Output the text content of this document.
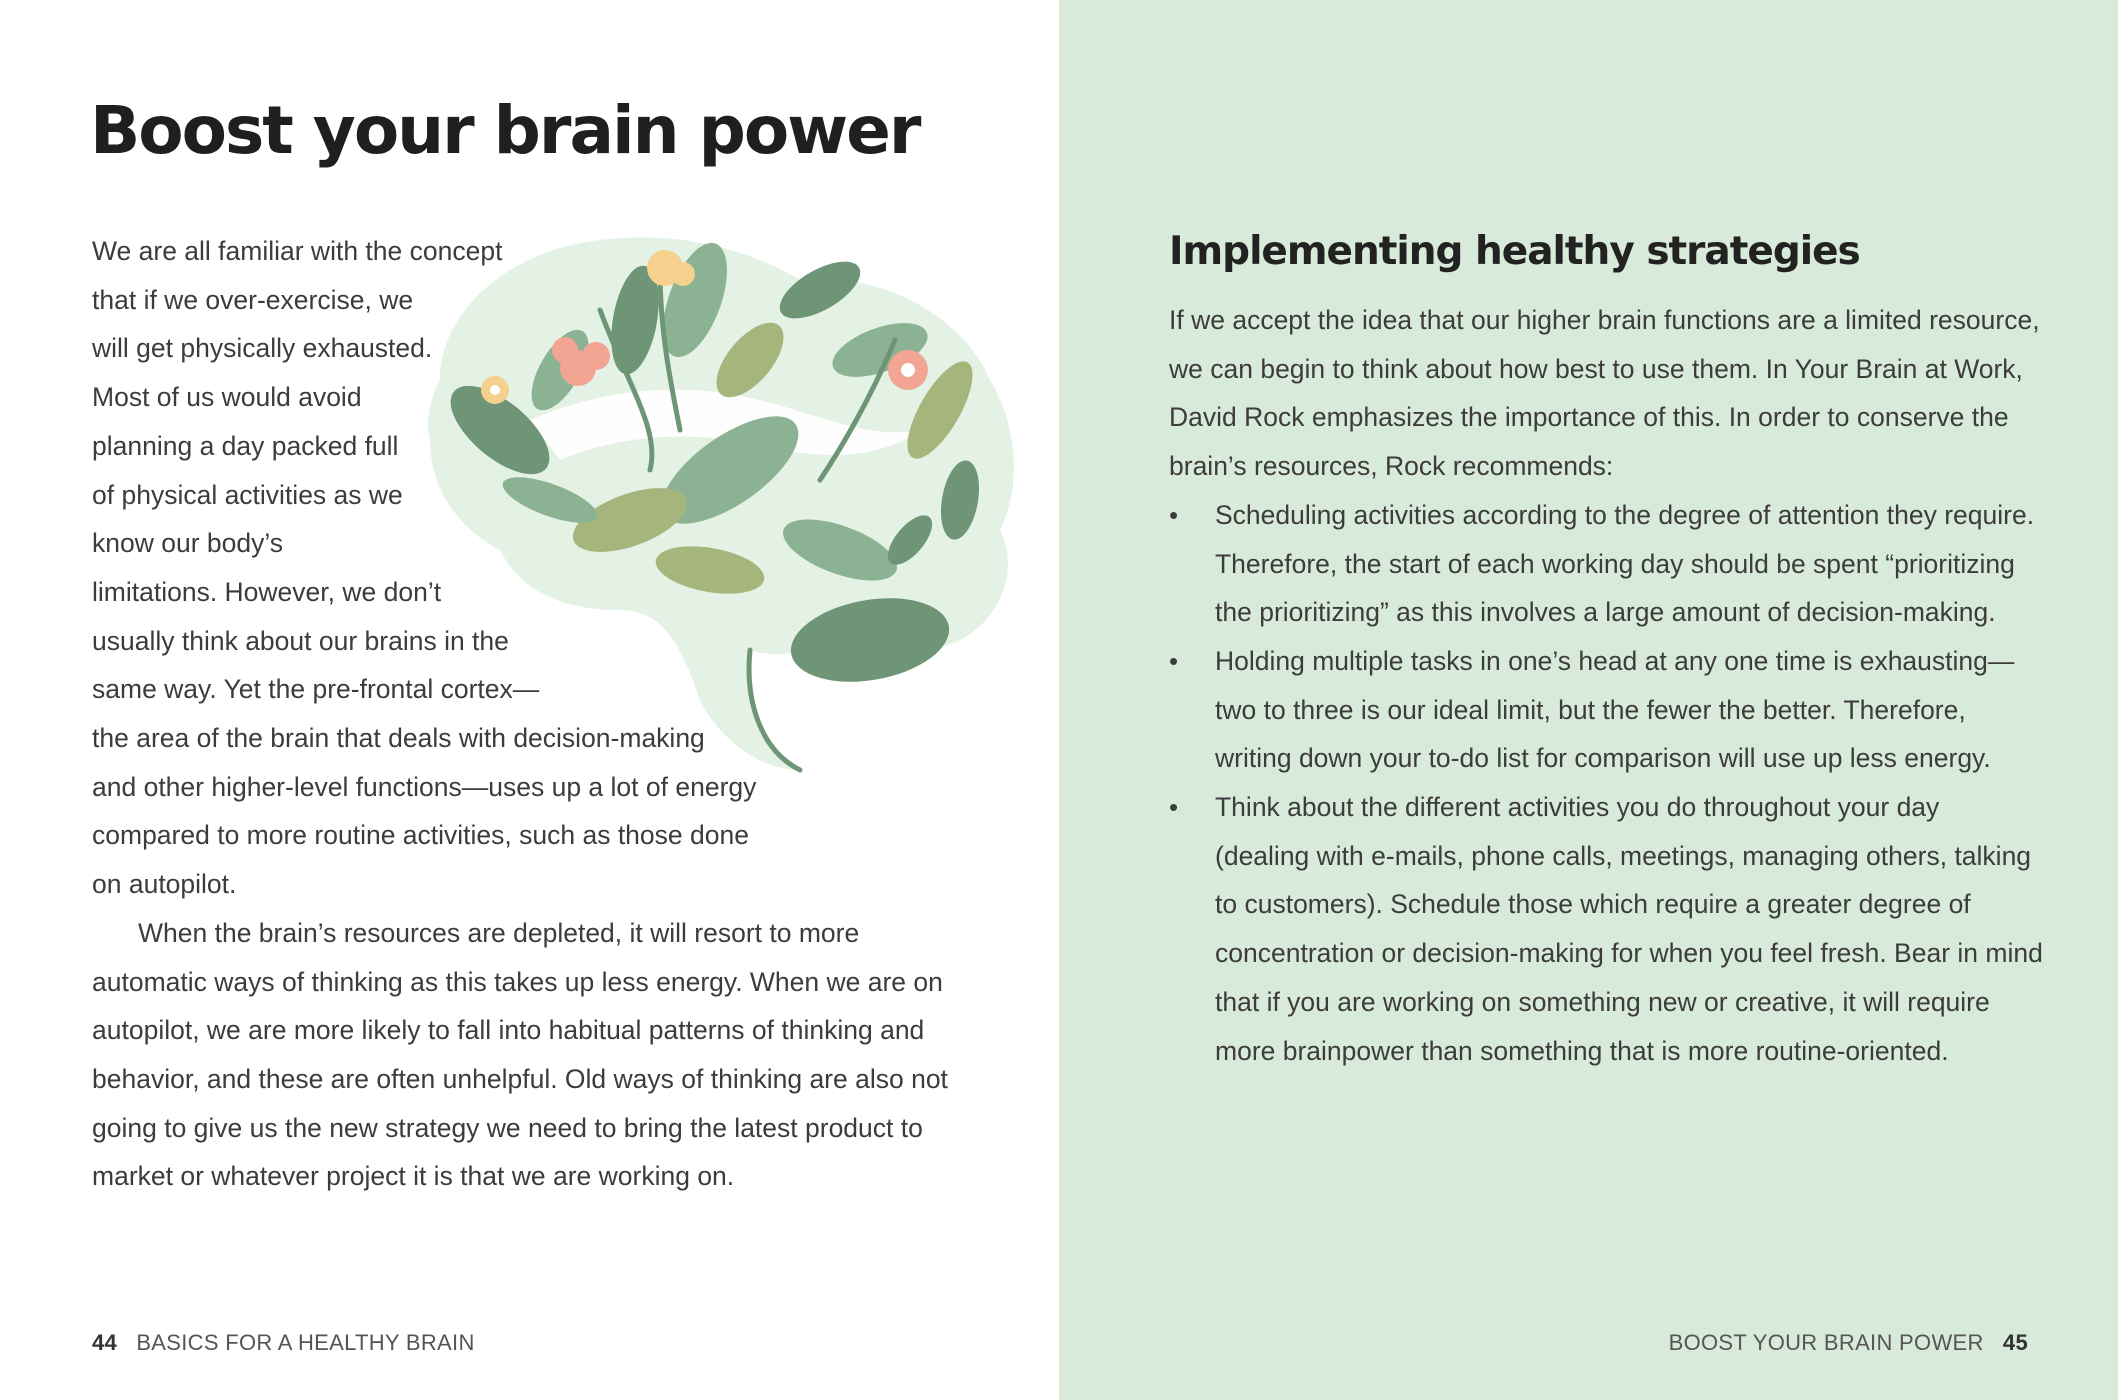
Boost your brain power

We are all familiar with the concept

that if we over-exercise, we

will get physically exhausted.

Most of us would avoid

planning a day packed full

of physical activities as we

know our body’s

limitations. However, we don’t

usually think about our brains in the

same way. Yet the pre-frontal cortex—

the area of the brain that deals with decision-making

and other higher-level functions—uses up a lot of energy

compared to more routine activities, such as those done

on autopilot.

When the brain’s resources are depleted, it will resort to more

automatic ways of thinking as this takes up less energy. When we are on

autopilot, we are more likely to fall into habitual patterns of thinking and

behavior, and these are often unhelpful. Old ways of thinking are also not

going to give us the new strategy we need to bring the latest product to

market or whatever project it is that we are working on.

44 BASICS FOR A HEALTHY BRAIN
Implementing healthy strategies

If we accept the idea that our higher brain functions are a limited resource,

we can begin to think about how best to use them. In Your Brain at Work,

David Rock emphasizes the importance of this. In order to conserve the

brain’s resources, Rock recommends:

• Scheduling activities according to the degree of attention they require.

Therefore, the start of each working day should be spent “prioritizing

the prioritizing” as this involves a large amount of decision-making.

• Holding multiple tasks in one’s head at any one time is exhausting—

two to three is our ideal limit, but the fewer the better. Therefore,

writing down your to-do list for comparison will use up less energy.

• Think about the different activities you do throughout your day

(dealing with e-mails, phone calls, meetings, managing others, talking

to customers). Schedule those which require a greater degree of

concentration or decision-making for when you feel fresh. Bear in mind

that if you are working on something new or creative, it will require

more brainpower than something that is more routine-oriented.

BOOST YOUR BRAIN POWER 45
